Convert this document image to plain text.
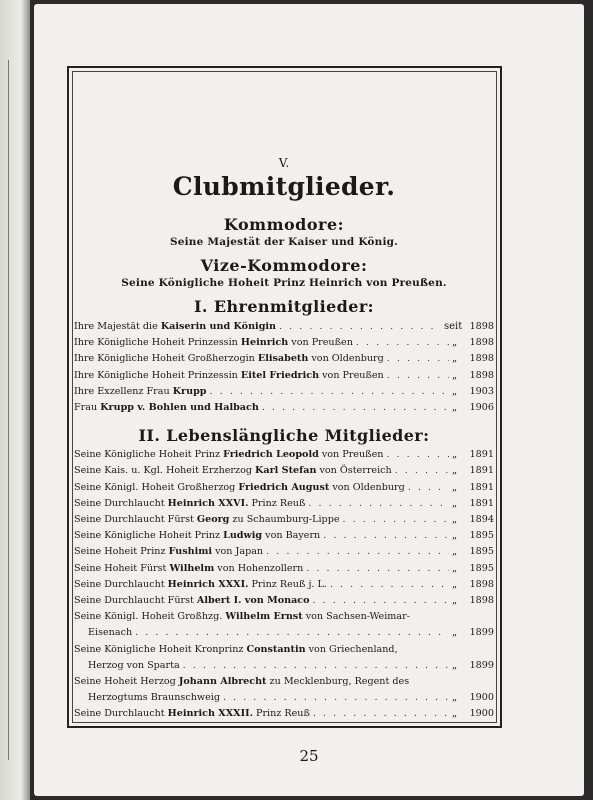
V.
Clubmitglieder.
Kommodore:
Seine Majestät der Kaiser und König.
Vize-Kommodore:
Seine Königliche Hoheit Prinz Heinrich von Preußen.
I. Ehrenmitglieder:
Ihre Majestät die Kaiserin und Königin . . .	seit 1898
Ihre Königliche Hoheit Prinzessin Heinrich von Preußen . . .	„	1898
Ihre Königliche Hoheit Großherzogin Elisabeth von Oldenburg . . .	„	1898
Ihre Königliche Hoheit Prinzessin Eitel Friedrich von Preußen . . .	„	1898
Ihre Exzellenz Frau Krupp . . .	„	1903
Frau Krupp v. Bohlen und Halbach . . .	„	1906
II. Lebenslängliche Mitglieder:
Seine Königliche Hoheit Prinz Friedrich Leopold von Preußen . . .	„	1891
Seine Kais. u. Kgl. Hoheit Erzherzog Karl Stefan von Österreich . . .	„	1891
Seine Königl. Hoheit Großherzog Friedrich August von Oldenburg . . .	„	1891
Seine Durchlaucht Heinrich XXVI. Prinz Reuß . . .	„	1891
Seine Durchlaucht Fürst Georg zu Schaumburg-Lippe . . .	„	1894
Seine Königliche Hoheit Prinz Ludwig von Bayern . . .	„	1895
Seine Hoheit Prinz Fushimi von Japan . . .	„	1895
Seine Hoheit Fürst Wilhelm von Hohenzollern . . .	„	1895
Seine Durchlaucht Heinrich XXXI. Prinz Reuß j. L. . . .	„	1898
Seine Durchlaucht Fürst Albert I. von Monaco . . .	„	1898
Seine Königl. Hoheit Großhzg. Wilhelm Ernst von Sachsen-Weimar-
Eisenach . . .	„	1899
Seine Königliche Hoheit Kronprinz Constantin von Griechenland,
Herzog von Sparta . . .	„	1899
Seine Hoheit Herzog Johann Albrecht zu Mecklenburg, Regent des
Herzogtums Braunschweig . . .	„	1900
Seine Durchlaucht Heinrich XXXII. Prinz Reuß . . .	„	1900
25
